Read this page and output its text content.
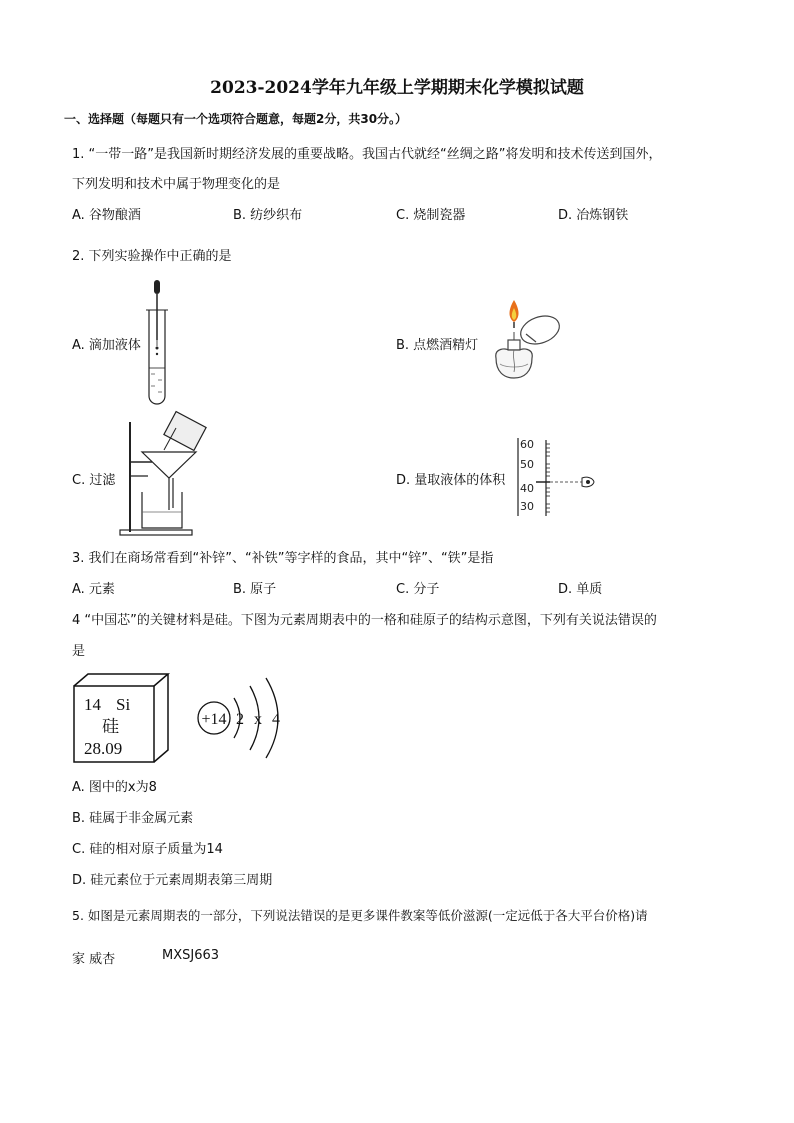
2023-2024学年九年级上学期期末化学模拟试题
一、选择题（每题只有一个选项符合题意，每题2分，共30分。）
1. “一带一路”是我国新时期经济发展的重要战略。我国古代就经“丝绸之路”将发明和技术传送到国外，
下列发明和技术中属于物理变化的是
A. 谷物酿酒	B. 纺纱织布	C. 烧制瓷器	D. 冶炼钢铁
2. 下列实验操作中正确的是
A. 滴加液体	B. 点燃酒精灯
C. 过滤	D. 量取液体的体积
60
50
40
30
3. 我们在商场常看到“补锌”、“补铁”等字样的食品，其中“锌”、“铁”是指
A. 元素	B. 原子	C. 分子	D. 单质
4 “中国芯”的关键材料是硅。下图为元素周期表中的一格和硅原子的结构示意图，下列有关说法错误的
是
14 Si
硅
28.09
+14 2 x 4
A. 图中的x为8
B. 硅属于非金属元素
C. 硅的相对原子质量为14
D. 硅元素位于元素周期表第三周期
5. 如图是元素周期表的一部分，下列说法错误的是更多课件教案等低价滋源(一定远低于各大平台价格)请
家 威杏	MXSJ663
